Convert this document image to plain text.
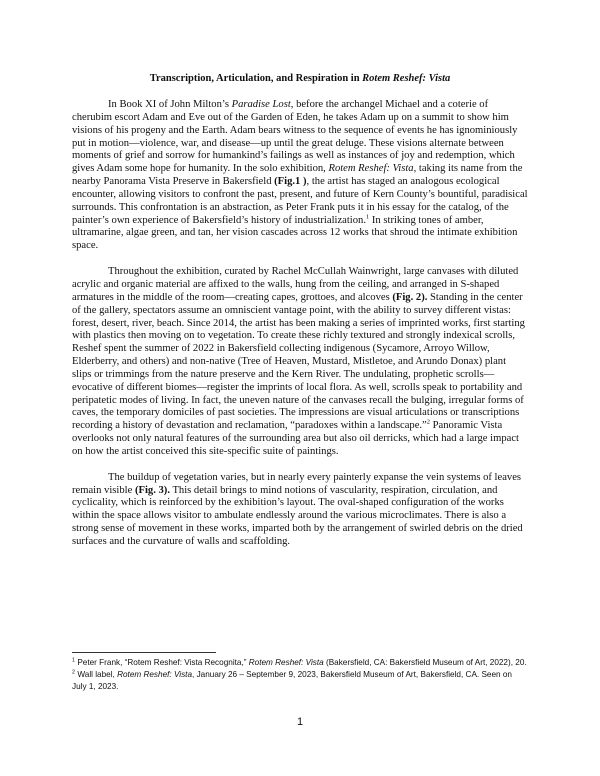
Transcription, Articulation, and Respiration in Rotem Reshef: Vista

In Book XI of John Milton’s Paradise Lost, before the archangel Michael and a coterie of cherubim escort Adam and Eve out of the Garden of Eden, he takes Adam up on a summit to show him visions of his progeny and the Earth. Adam bears witness to the sequence of events he has ignominiously put in motion—violence, war, and disease—up until the great deluge. These visions alternate between moments of grief and sorrow for humankind’s failings as well as instances of joy and redemption, which gives Adam some hope for humanity. In the solo exhibition, Rotem Reshef: Vista, taking its name from the nearby Panorama Vista Preserve in Bakersfield (Fig.1 ), the artist has staged an analogous ecological encounter, allowing visitors to confront the past, present, and future of Kern County’s bountiful, paradisical surrounds. This confrontation is an abstraction, as Peter Frank puts it in his essay for the catalog, of the painter’s own experience of Bakersfield’s history of industrialization.$^1$ In striking tones of amber, ultramarine, algae green, and tan, her vision cascades across 12 works that shroud the intimate exhibition space.

Throughout the exhibition, curated by Rachel McCullah Wainwright, large canvases with diluted acrylic and organic material are affixed to the walls, hung from the ceiling, and arranged in S-shaped armatures in the middle of the room—creating capes, grottoes, and alcoves (Fig. 2). Standing in the center of the gallery, spectators assume an omniscient vantage point, with the ability to survey different vistas: forest, desert, river, beach. Since 2014, the artist has been making a series of imprinted works, first starting with plastics then moving on to vegetation. To create these richly textured and strongly indexical scrolls, Reshef spent the summer of 2022 in Bakersfield collecting indigenous (Sycamore, Arroyo Willow, Elderberry, and others) and non-native (Tree of Heaven, Mustard, Mistletoe, and Arundo Donax) plant slips or trimmings from the nature preserve and the Kern River. The undulating, prophetic scrolls—evocative of different biomes—register the imprints of local flora. As well, scrolls speak to portability and peripatetic modes of living. In fact, the uneven nature of the canvases recall the bulging, irregular forms of caves, the temporary domiciles of past societies. The impressions are visual articulations or transcriptions recording a history of devastation and reclamation, “paradoxes within a landscape.”$^2$ Panoramic Vista overlooks not only natural features of the surrounding area but also oil derricks, which had a large impact on how the artist conceived this site-specific suite of paintings.

The buildup of vegetation varies, but in nearly every painterly expanse the vein systems of leaves remain visible (Fig. 3). This detail brings to mind notions of vascularity, respiration, circulation, and cyclicality, which is reinforced by the exhibition’s layout. The oval-shaped configuration of the works within the space allows visitor to ambulate endlessly around the various microclimates. There is also a strong sense of movement in these works, imparted both by the arrangement of swirled debris on the dried surfaces and the curvature of walls and scaffolding.

$^1$ Peter Frank, “Rotem Reshef: Vista Recognita,” Rotem Reshef: Vista (Bakersfield, CA: Bakersfield Museum of Art, 2022), 20.

$^2$ Wall label, Rotem Reshef: Vista, January 26 – September 9, 2023, Bakersfield Museum of Art, Bakersfield, CA. Seen on July 1, 2023.

1
